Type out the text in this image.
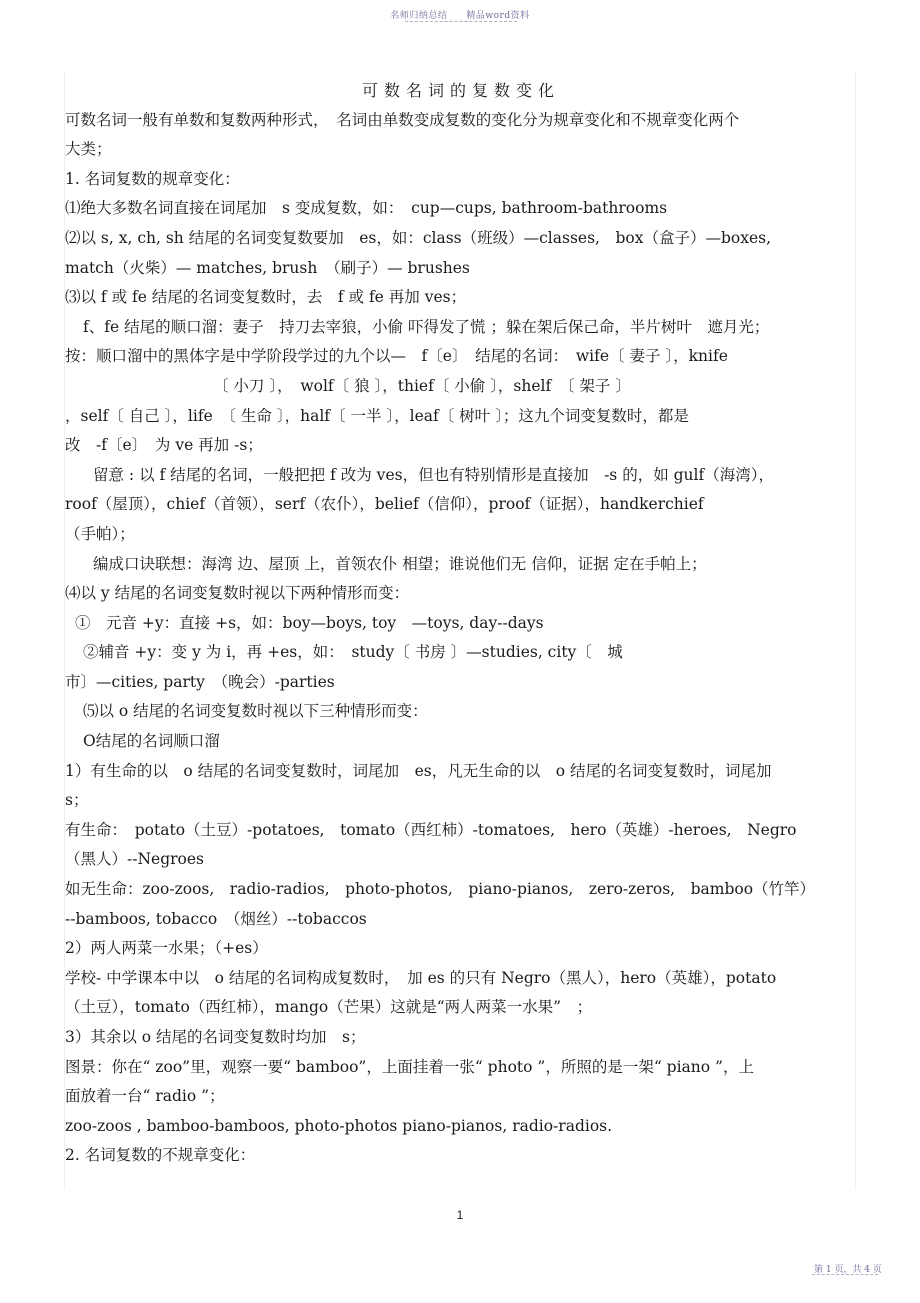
名师归纳总结　　精品word资料
可数名词的复数变化
可数名词一般有单数和复数两种形式，　名词由单数变成复数的变化分为规章变化和不规章变化两个
大类；
1. 名词复数的规章变化：
⑴绝大多数名词直接在词尾加　s 变成复数，如：　cup—cups, bathroom-bathrooms
⑵以 s, x, ch, sh 结尾的名词变复数要加　es，如：class（班级）—classes,　box（盒子）—boxes,
match（火柴）— matches, brush　（刷子）— brushes
⑶以 f 或 fe 结尾的名词变复数时，去　f 或 fe 再加 ves；
f、fe 结尾的顺口溜：妻子　持刀去宰狼，小偷 吓得发了慌 ；躲在架后保己命，半片树叶　遮月光；
按：顺口溜中的黑体字是中学阶段学过的九个以—　f〔e〕　结尾的名词：　wife〔 妻子 〕，knife
〔 小刀 〕，　wolf〔 狼 〕，thief〔 小偷 〕，shelf　〔 架子 〕
，self〔 自己 〕，life　〔 生命 〕，half〔 一半 〕，leaf〔 树叶 〕；这九个词变复数时，都是
改　-f〔e〕　为 ve 再加 -s；
留意 : 以 f 结尾的名词，一般把把 f 改为 ves，但也有特别情形是直接加　-s 的，如 gulf（海湾），
roof（屋顶），chief（首领），serf（农仆），belief（信仰），proof（证据），handkerchief
（手帕）；
编成口诀联想：海湾 边、屋顶 上，首领农仆 相望；谁说他们无 信仰，证据 定在手帕上；
⑷以 y 结尾的名词变复数时视以下两种情形而变：
①　元音 +y：直接 +s，如：boy—boys, toy　—toys, day--days
②辅音 +y：变 y 为 i，再 +es，如：　study〔 书房 〕—studies, city〔　城
市〕—cities, party　（晚会）-parties
⑸以 o 结尾的名词变复数时视以下三种情形而变：
O结尾的名词顺口溜
1）有生命的以　o 结尾的名词变复数时，词尾加　es，凡无生命的以　o 结尾的名词变复数时，词尾加
s；
有生命：　potato（土豆）-potatoes,　tomato（西红柿）-tomatoes,　hero（英雄）-heroes,　Negro
（黑人）--Negroes
如无生命：zoo-zoos,　radio-radios,　photo-photos,　piano-pianos,　zero-zeros,　bamboo（竹竿）
--bamboos, tobacco　（烟丝）--tobaccos
2）两人两菜一水果；（+es）
学校- 中学课本中以　o 结尾的名词构成复数时，　加 es 的只有 Negro（黑人），hero（英雄），potato
（土豆），tomato（西红柿），mango（芒果）这就是“两人两菜一水果”　；
3）其余以 o 结尾的名词变复数时均加　s；
图景：你在“ zoo”里，观察一要“ bamboo”，上面挂着一张“ photo ”，所照的是一架“ piano ”，上
面放着一台“ radio ”；
zoo-zoos , bamboo-bamboos, photo-photos piano-pianos, radio-radios.
2. 名词复数的不规章变化：
1
第 1 页，共 4 页
